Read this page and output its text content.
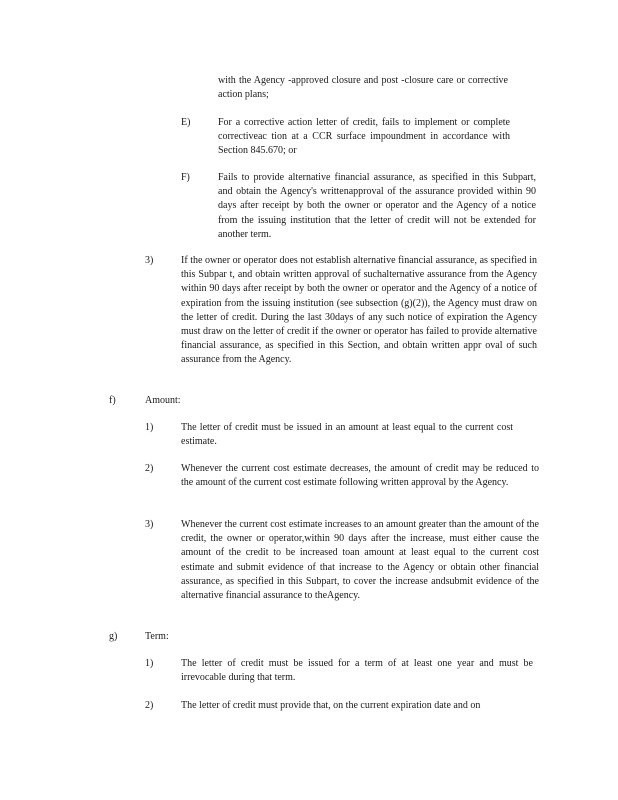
with the Agency -approved closure and post -closure care or corrective action plans;

E)	For a corrective action letter of credit, fails to implement or complete correctiveac tion at a CCR surface impoundment in accordance with Section 845.670; or

F)	Fails to provide alternative financial assurance, as specified in this Subpart, and obtain the Agency's writtenapproval of the assurance provided within 90 days after receipt by both the owner or operator and the Agency of a notice from the issuing institution that the letter of credit will not be extended for another term.

3)	If the owner or operator does not establish alternative financial assurance, as specified in this Subpar t, and obtain written approval of suchalternative assurance from the Agency within 90 days after receipt by both the owner or operator and the Agency of a notice of expiration from the issuing institution (see subsection (g)(2)), the Agency must draw on the letter of credit. During the last 30days of any such notice of expiration the Agency must draw on the letter of credit if the owner or operator has failed to provide alternative financial assurance, as specified in this Section, and obtain written appr oval of such assurance from the Agency.

f)	Amount:

1)	The letter of credit must be issued in an amount at least equal to the current cost estimate.

2)	Whenever the current cost estimate decreases, the amount of credit may be reduced to the amount of the current cost estimate following written approval by the Agency.

3)	Whenever the current cost estimate increases to an amount greater than the amount of the credit, the owner or operator,within 90 days after the increase, must either cause the amount of the credit to be increased toan amount at least equal to the current cost estimate and submit evidence of that increase to the Agency or obtain other financial assurance, as specified in this Subpart, to cover the increase andsubmit evidence of the alternative financial assurance to theAgency.

g)	Term:

1)	The letter of credit must be issued for a term of at least one year and must be irrevocable during that term.

2)	The letter of credit must provide that, on the current expiration date and on
